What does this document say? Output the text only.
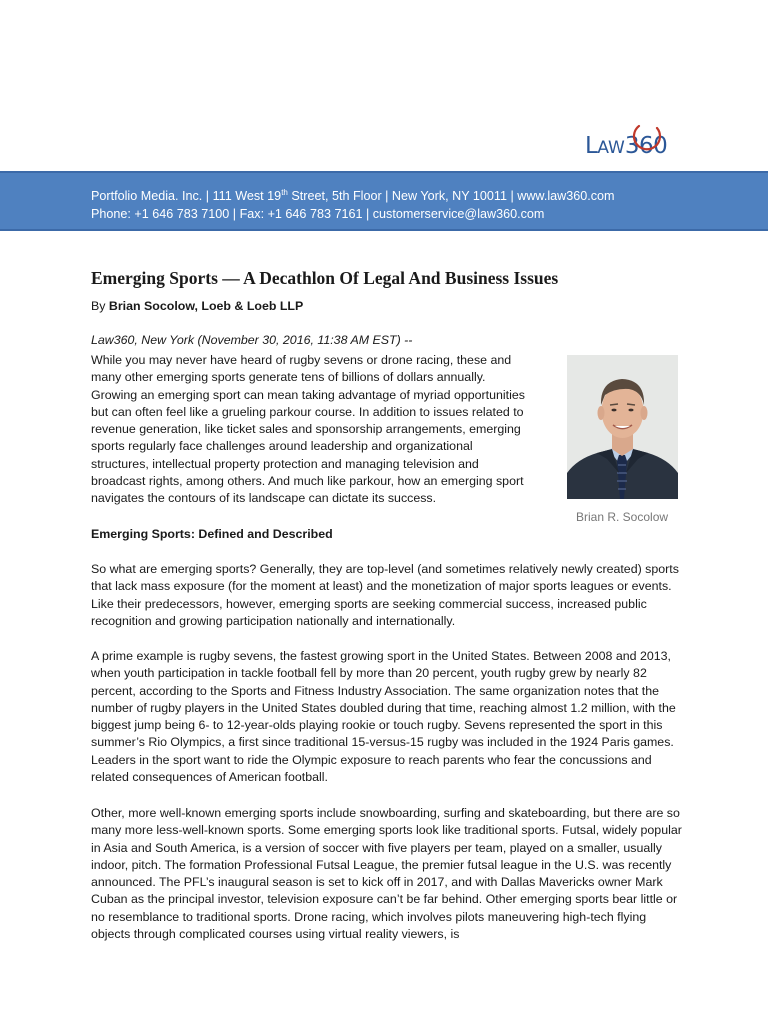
LAW360
Portfolio Media. Inc. | 111 West 19th Street, 5th Floor | New York, NY 10011 | www.law360.com
Phone: +1 646 783 7100 | Fax: +1 646 783 7161 | customerservice@law360.com
Emerging Sports — A Decathlon Of Legal And Business Issues
By Brian Socolow, Loeb & Loeb LLP
Law360, New York (November 30, 2016, 11:38 AM EST) --
While you may never have heard of rugby sevens or drone racing, these and many other emerging sports generate tens of billions of dollars annually. Growing an emerging sport can mean taking advantage of myriad opportunities but can often feel like a grueling parkour course. In addition to issues related to revenue generation, like ticket sales and sponsorship arrangements, emerging sports regularly face challenges around leadership and organizational structures, intellectual property protection and managing television and broadcast rights, among others. And much like parkour, how an emerging sport navigates the contours of its landscape can dictate its success.
Brian R. Socolow
Emerging Sports: Defined and Described
So what are emerging sports? Generally, they are top-level (and sometimes relatively newly created) sports that lack mass exposure (for the moment at least) and the monetization of major sports leagues or events. Like their predecessors, however, emerging sports are seeking commercial success, increased public recognition and growing participation nationally and internationally.
A prime example is rugby sevens, the fastest growing sport in the United States. Between 2008 and 2013, when youth participation in tackle football fell by more than 20 percent, youth rugby grew by nearly 82 percent, according to the Sports and Fitness Industry Association. The same organization notes that the number of rugby players in the United States doubled during that time, reaching almost 1.2 million, with the biggest jump being 6- to 12-year-olds playing rookie or touch rugby. Sevens represented the sport in this summer’s Rio Olympics, a first since traditional 15-versus-15 rugby was included in the 1924 Paris games. Leaders in the sport want to ride the Olympic exposure to reach parents who fear the concussions and related consequences of American football.
Other, more well-known emerging sports include snowboarding, surfing and skateboarding, but there are so many more less-well-known sports. Some emerging sports look like traditional sports. Futsal, widely popular in Asia and South America, is a version of soccer with five players per team, played on a smaller, usually indoor, pitch. The formation Professional Futsal League, the premier futsal league in the U.S. was recently announced. The PFL’s inaugural season is set to kick off in 2017, and with Dallas Mavericks owner Mark Cuban as the principal investor, television exposure can’t be far behind. Other emerging sports bear little or no resemblance to traditional sports. Drone racing, which involves pilots maneuvering high-tech flying objects through complicated courses using virtual reality viewers, is
